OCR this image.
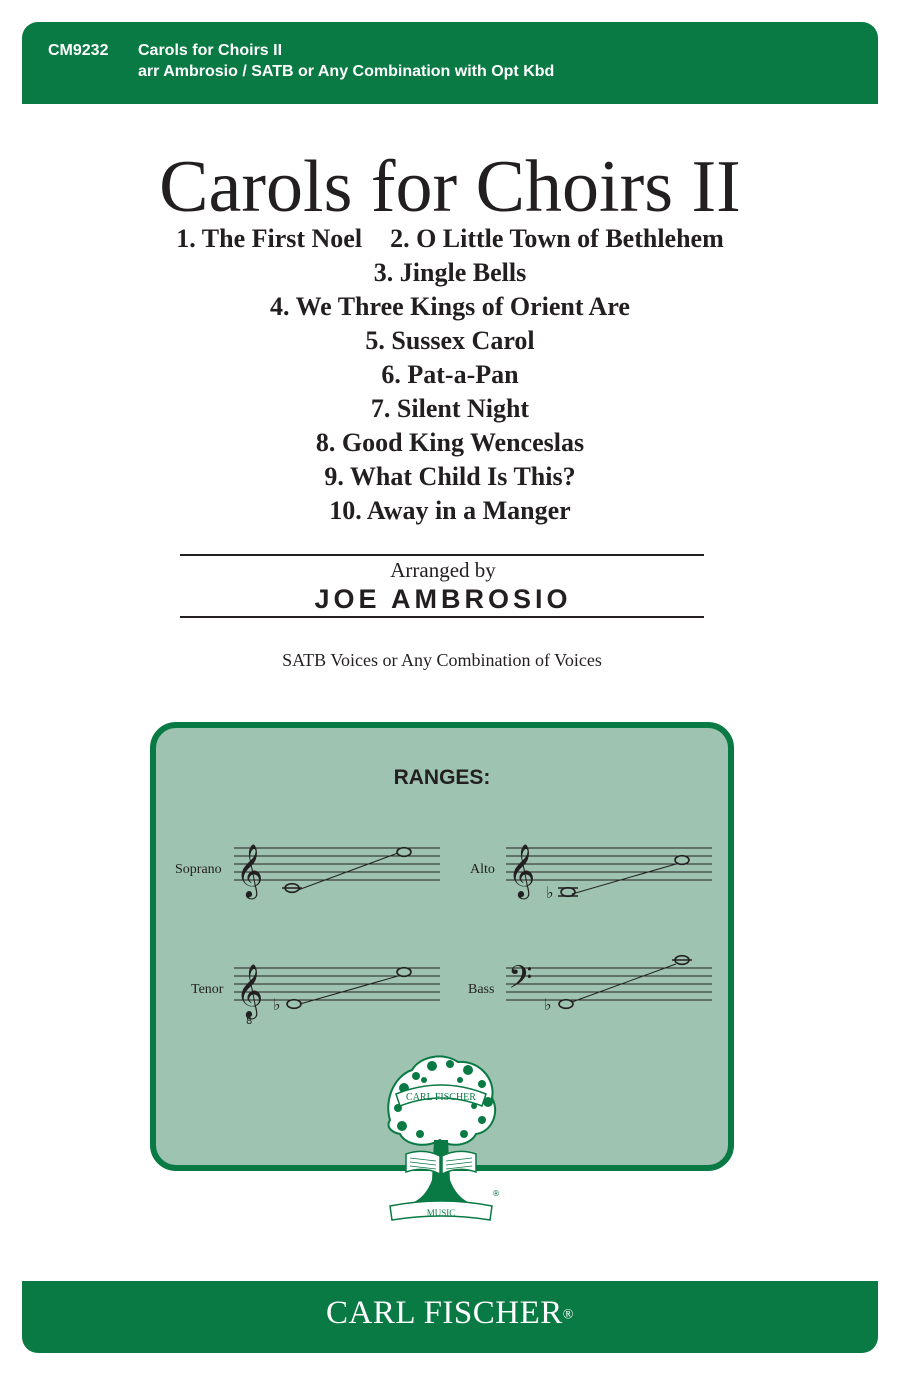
CM9232 Carols for Choirs II
arr Ambrosio / SATB or Any Combination with Opt Kbd
Carols for Choirs II
1. The First Noel 2. O Little Town of Bethlehem
3. Jingle Bells
4. We Three Kings of Orient Are
5. Sussex Carol
6. Pat-a-Pan
7. Silent Night
8. Good King Wenceslas
9. What Child Is This?
10. Away in a Manger
Arranged by
JOE AMBROSIO
SATB Voices or Any Combination of Voices
RANGES:
Soprano	Alto
Tenor	Bass
𝄞	𝄞
𝄞
8
𝄢
♭
♭	♭
CARL FISCHER
MUSIC
®
CARL FISCHER®
